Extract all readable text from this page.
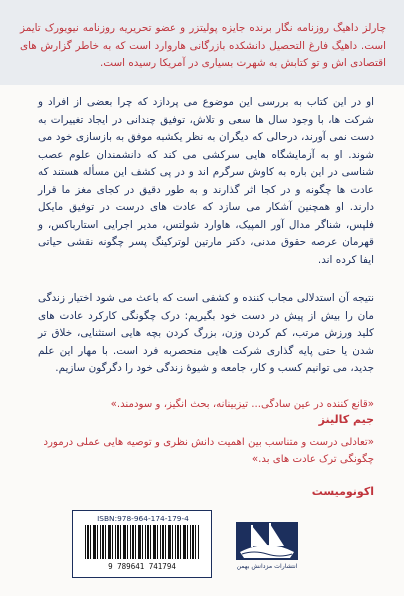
چارلز داهیگ روزنامه نگار برنده جایزه پولیتزر و عضو تحریریه روزنامه نیویورک تایمز است. داهیگ فارغ التحصیل دانشکده بازرگانی هاروارد است که به خاطر گزارش های اقتصادی اش و تو کتابش به شهرت بسیاری در آمریکا رسیده است.

او در این کتاب به بررسی این موضوع می پردازد که چرا بعضی از افراد و شرکت ها، با وجود سال ها سعی و تلاش، توفیق چندانی در ایجاد تغییرات به دست نمی آورند، درحالی که دیگران به نظر یکشبه موفق به بازسازی خود می شوند. او به آزمایشگاه هایی سرکشی می کند که دانشمندان علوم عصب شناسی در این باره به کاوش سرگرم اند و در پی کشف این مسأله هستند که عادت ها چگونه و در کجا اثر گذارند و به طور دقیق در کجای مغز ما قرار دارند. او همچنین آشکار می سازد که عادت های درست در توفیق مایکل فلپس، شناگر مدال آور المپیک، هاوارد شولتس، مدیر اجرایی استارباکس، و قهرمان عرصه حقوق مدنی، دکتر مارتین لوترکینگ پسر چگونه نقشی حیاتی ایفا کرده اند.

نتیجه آن استدلالی مجاب کننده و کشفی است که باعث می شود اختیار زندگی مان را بیش از پیش در دست خود بگیریم: درک چگونگی کارکرد عادت های کلید ورزش مرتب، کم کردن وزن، بزرگ کردن بچه هایی استثنایی، خلاق تر شدن یا حتی پایه گذاری شرکت هایی منحصربه فرد است. با مهار این علم جدید، می توانیم کسب و کار، جامعه و شیوهٔ زندگی خود را دگرگون سازیم.

«قانع کننده در عین سادگی... تیزبینانه، بحث انگیز، و سودمند.»
جیم کالینز
«تعادلی درست و متناسب بین اهمیت دانش نظری و توصیه هایی عملی درمورد چگونگی ترک عادت های بد.»
اکونومیست
ISBN:978-964-174-179-4
9 789641 741794	انتشارات مزدانش بهمن
